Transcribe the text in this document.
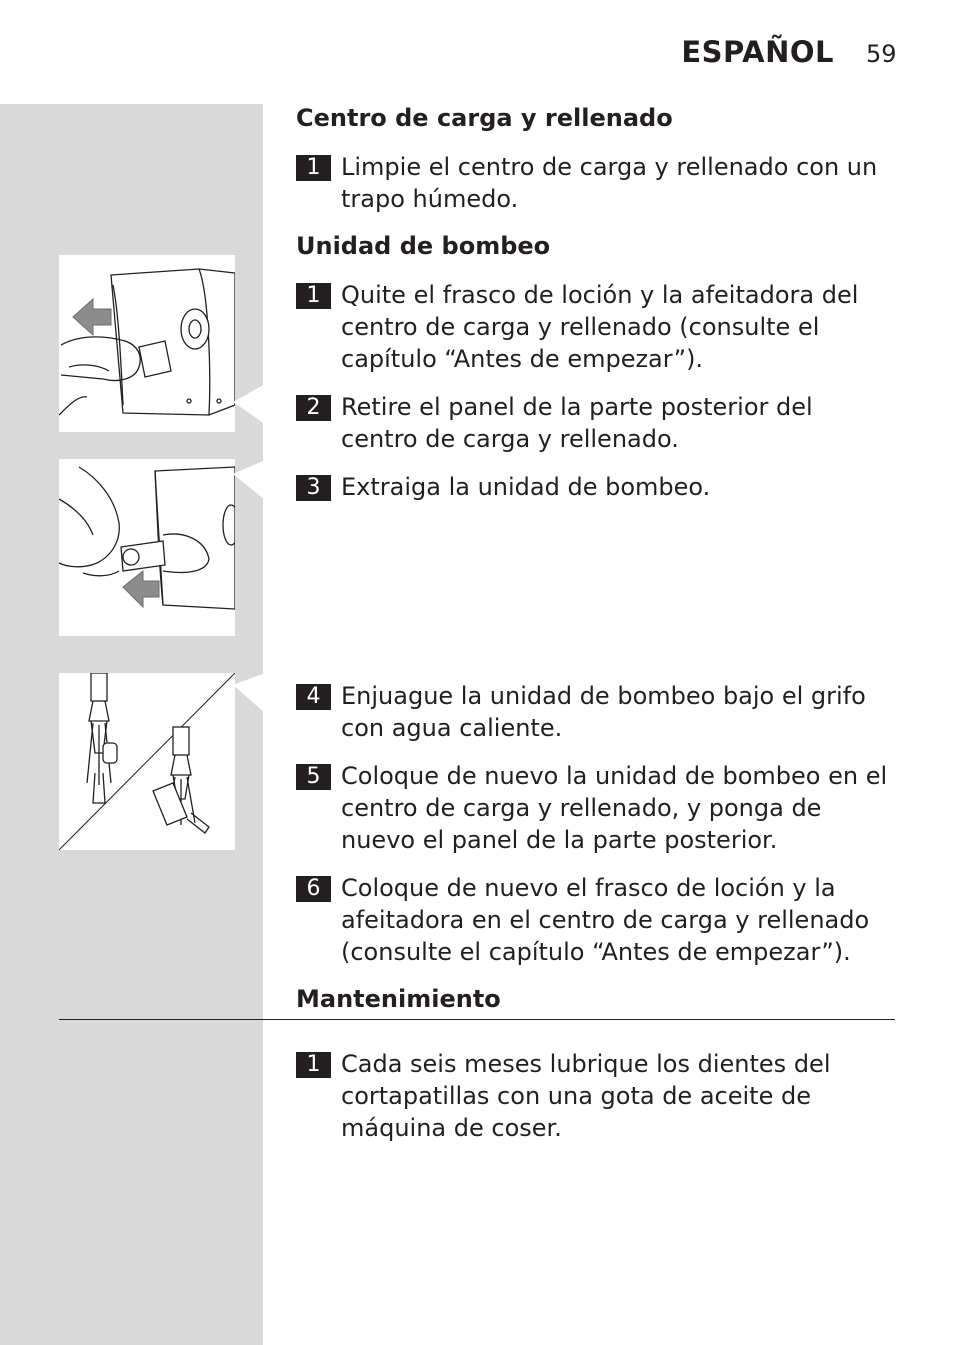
ESPAÑOL 59
Centro de carga y rellenado
1 Limpie el centro de carga y rellenado con un trapo húmedo.
Unidad de bombeo
1 Quite el frasco de loción y la afeitadora del centro de carga y rellenado (consulte el capítulo “Antes de empezar”).
2 Retire el panel de la parte posterior del centro de carga y rellenado.
3 Extraiga la unidad de bombeo.
4 Enjuague la unidad de bombeo bajo el grifo con agua caliente.
5 Coloque de nuevo la unidad de bombeo en el centro de carga y rellenado, y ponga de nuevo el panel de la parte posterior.
6 Coloque de nuevo el frasco de loción y la afeitadora en el centro de carga y rellenado (consulte el capítulo “Antes de empezar”).
Mantenimiento
1 Cada seis meses lubrique los dientes del cortapatillas con una gota de aceite de máquina de coser.
